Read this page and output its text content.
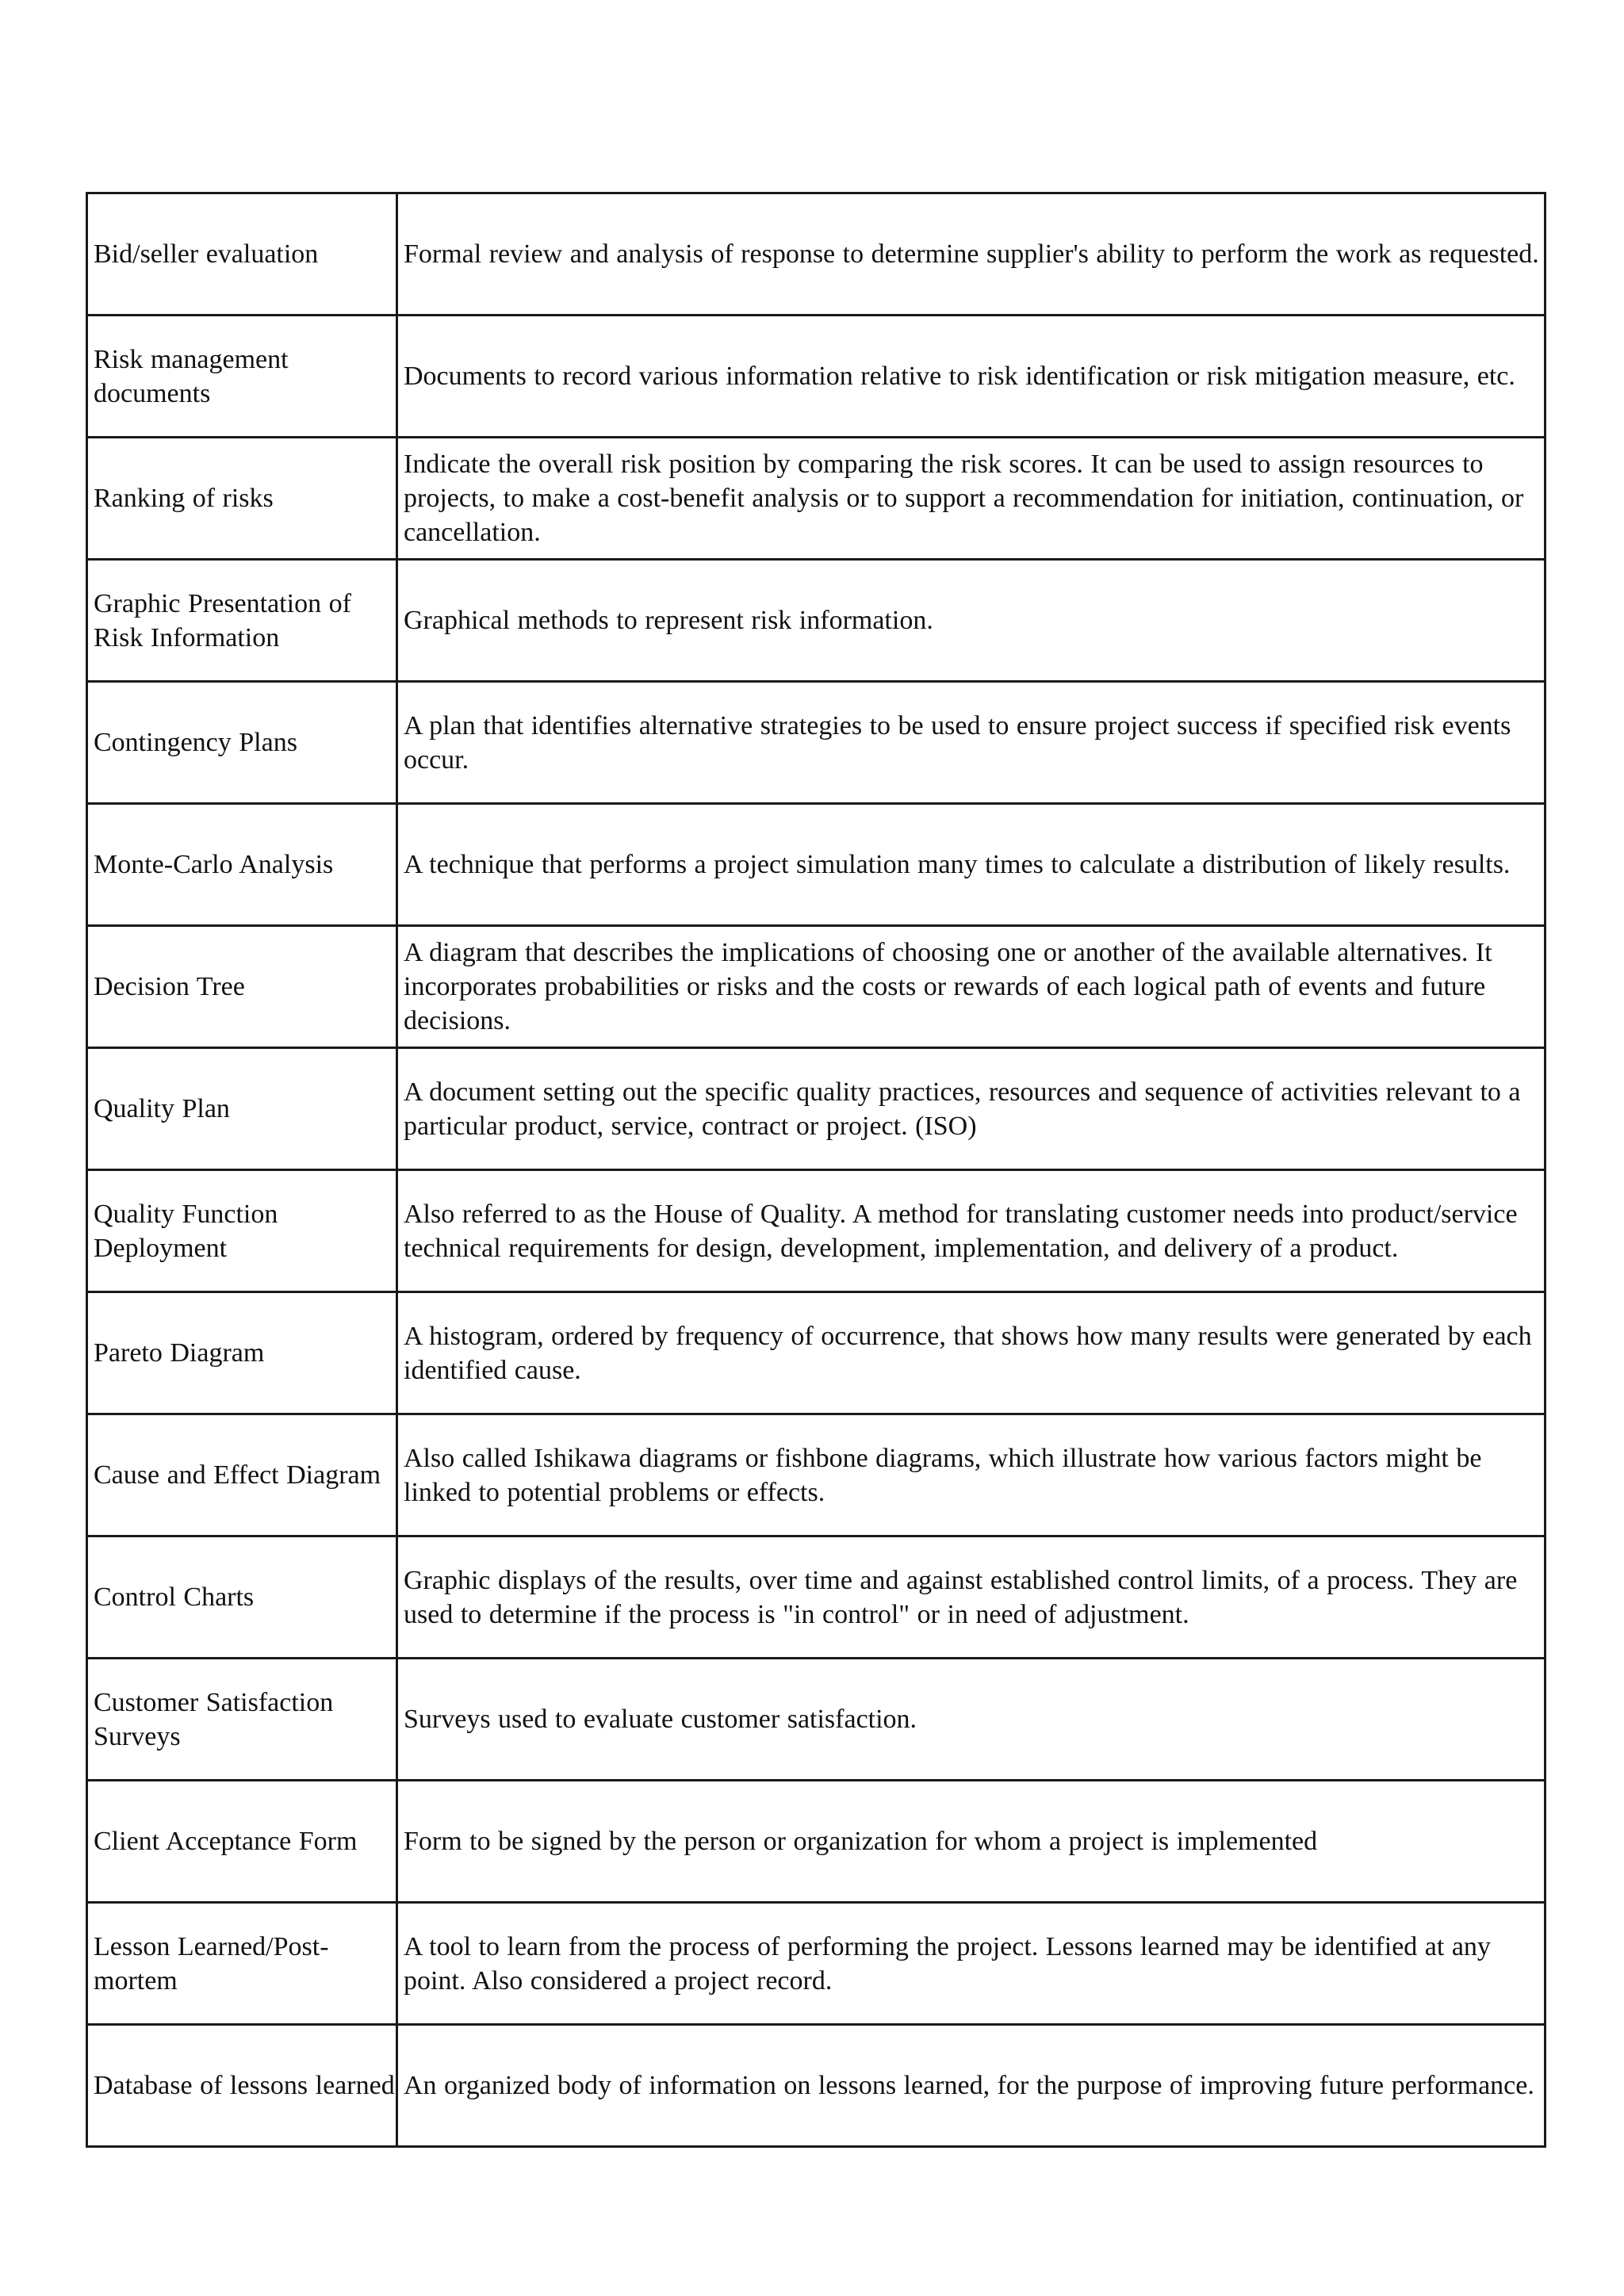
Bid/seller evaluation	Formal review and analysis of response to determine supplier's ability to perform the work as requested.
Risk management documents	Documents to record various information relative to risk identification or risk mitigation measure, etc.
Ranking of risks	Indicate the overall risk position by comparing the risk scores. It can be used to assign resources to projects, to make a cost-benefit analysis or to support a recommendation for initiation, continuation, or cancellation.
Graphic Presentation of Risk Information	Graphical methods to represent risk information.
Contingency Plans	A plan that identifies alternative strategies to be used to ensure project success if specified risk events occur.
Monte-Carlo Analysis	A technique that performs a project simulation many times to calculate a distribution of likely results.
Decision Tree	A diagram that describes the implications of choosing one or another of the available alternatives. It incorporates probabilities or risks and the costs or rewards of each logical path of events and future decisions.
Quality Plan	A document setting out the specific quality practices, resources and sequence of activities relevant to a particular product, service, contract or project. (ISO)
Quality Function Deployment	Also referred to as the House of Quality. A method for translating customer needs into product/service technical requirements for design, development, implementation, and delivery of a product.
Pareto Diagram	A histogram, ordered by frequency of occurrence, that shows how many results were generated by each identified cause.
Cause and Effect Diagram	Also called Ishikawa diagrams or fishbone diagrams, which illustrate how various factors might be linked to potential problems or effects.
Control Charts	Graphic displays of the results, over time and against established control limits, of a process. They are used to determine if the process is "in control" or in need of adjustment.
Customer Satisfaction Surveys	Surveys used to evaluate customer satisfaction.
Client Acceptance Form	Form to be signed by the person or organization for whom a project is implemented
Lesson Learned/Post-mortem	A tool to learn from the process of performing the project. Lessons learned may be identified at any point. Also considered a project record.
Database of lessons learned	An organized body of information on lessons learned, for the purpose of improving future performance.
